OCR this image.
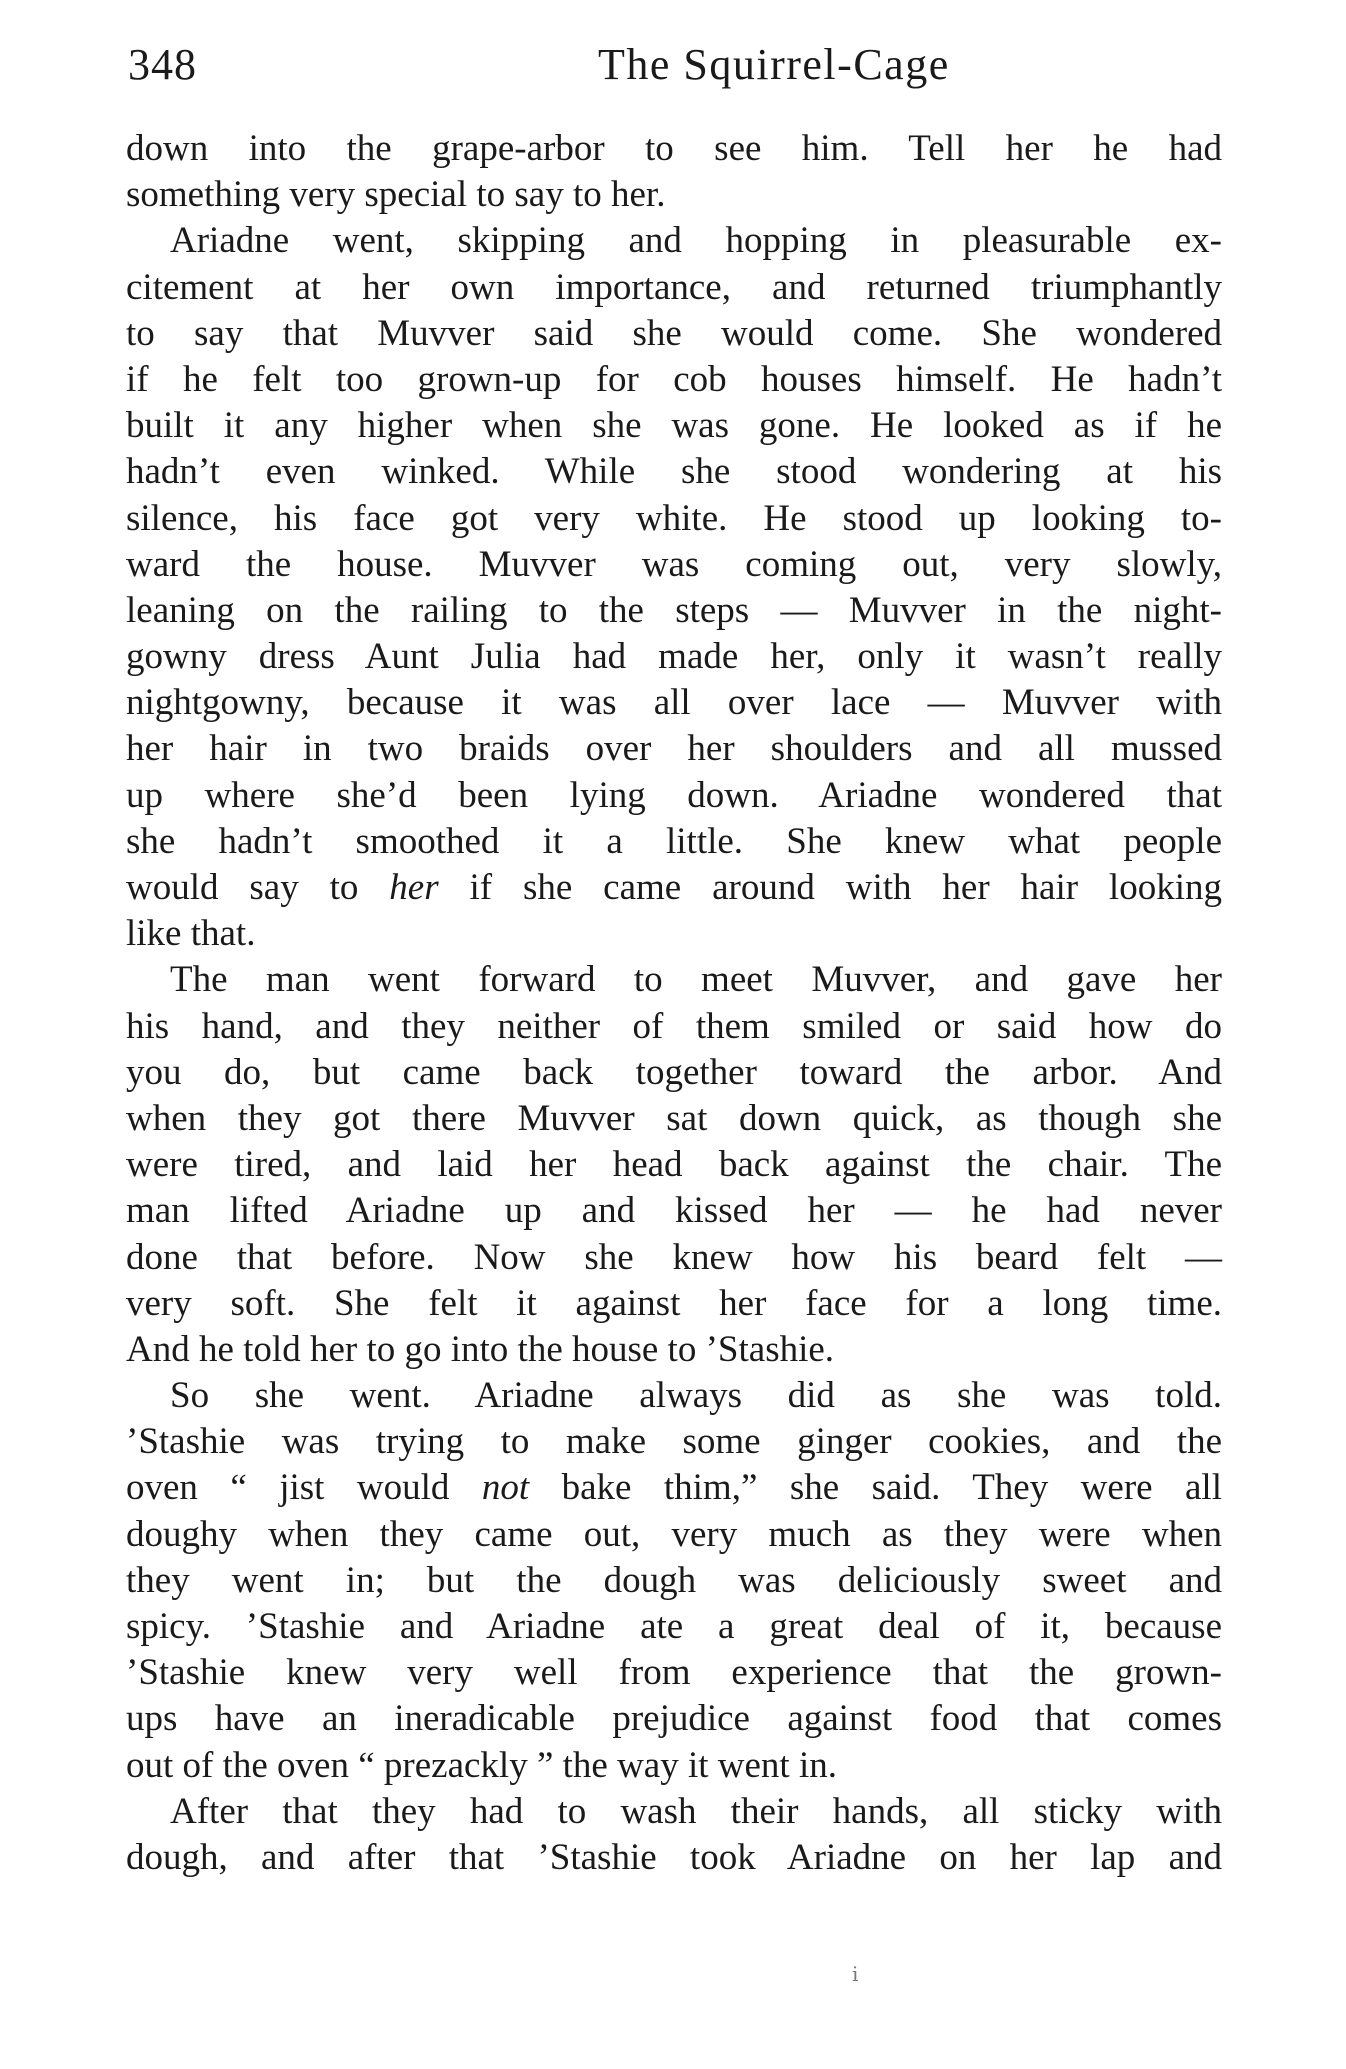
348	The Squirrel-Cage
down into the grape-arbor to see him. Tell her he had
something very special to say to her.
Ariadne went, skipping and hopping in pleasurable ex-
citement at her own importance, and returned triumphantly
to say that Muvver said she would come. She wondered
if he felt too grown-up for cob houses himself. He hadn’t
built it any higher when she was gone. He looked as if he
hadn’t even winked. While she stood wondering at his
silence, his face got very white. He stood up looking to-
ward the house. Muvver was coming out, very slowly,
leaning on the railing to the steps — Muvver in the night-
gowny dress Aunt Julia had made her, only it wasn’t really
nightgowny, because it was all over lace — Muvver with
her hair in two braids over her shoulders and all mussed
up where she’d been lying down. Ariadne wondered that
she hadn’t smoothed it a little. She knew what people
would say to her if she came around with her hair looking
like that.
The man went forward to meet Muvver, and gave her
his hand, and they neither of them smiled or said how do
you do, but came back together toward the arbor. And
when they got there Muvver sat down quick, as though she
were tired, and laid her head back against the chair. The
man lifted Ariadne up and kissed her — he had never
done that before. Now she knew how his beard felt —
very soft. She felt it against her face for a long time.
And he told her to go into the house to ’Stashie.
So she went. Ariadne always did as she was told.
’Stashie was trying to make some ginger cookies, and the
oven “ jist would not bake thim,” she said. They were all
doughy when they came out, very much as they were when
they went in; but the dough was deliciously sweet and
spicy. ’Stashie and Ariadne ate a great deal of it, because
’Stashie knew very well from experience that the grown-
ups have an ineradicable prejudice against food that comes
out of the oven “ prezackly ” the way it went in.
After that they had to wash their hands, all sticky with
dough, and after that ’Stashie took Ariadne on her lap and
ⅰ
